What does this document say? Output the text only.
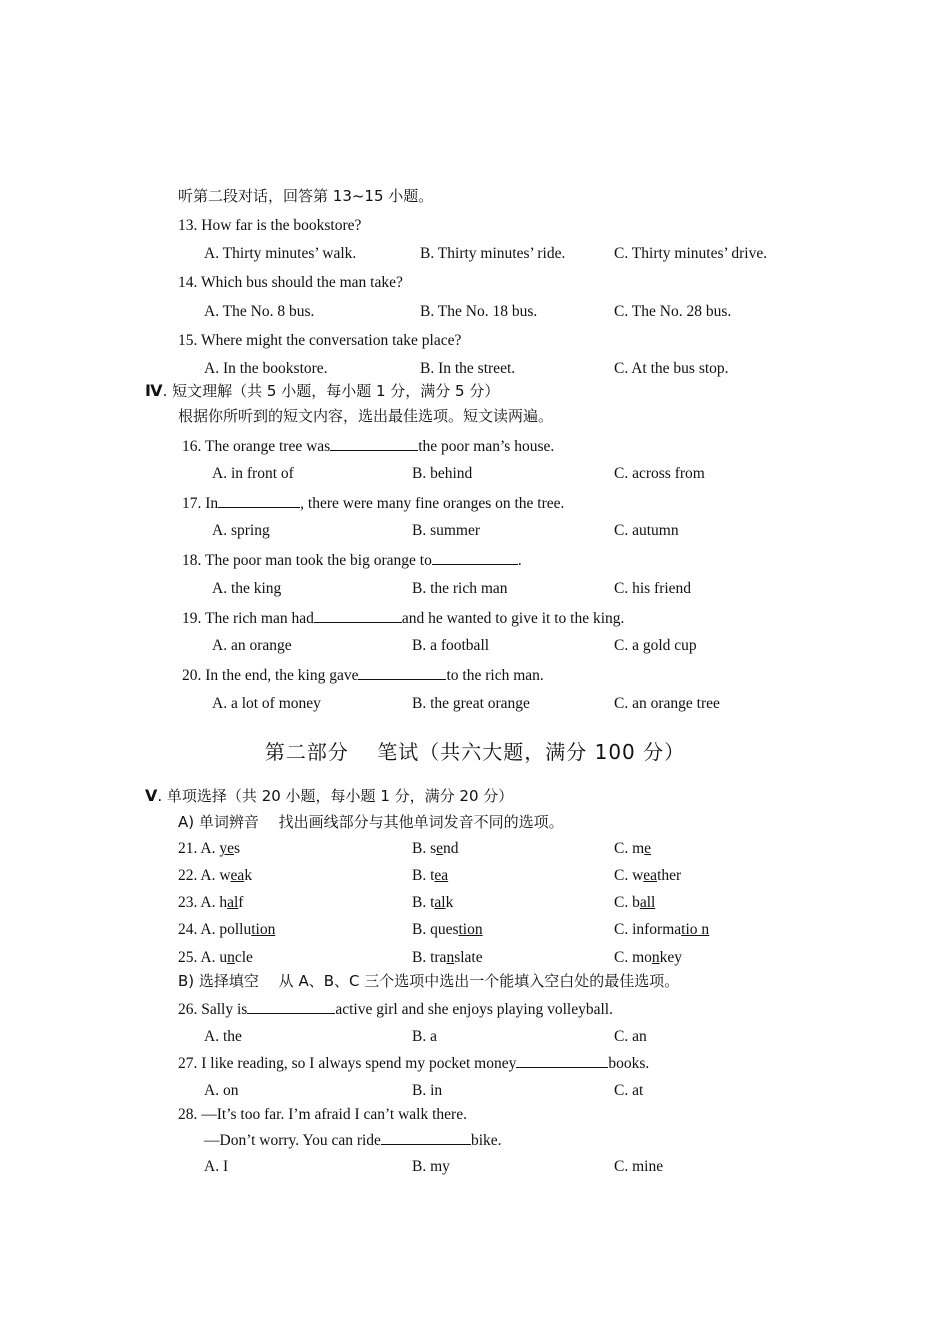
听第二段对话，回答第 13~15 小题。
13. How far is the bookstore?
A. Thirty minutes’ walk.	B. Thirty minutes’ ride.	C. Thirty minutes’ drive.
14. Which bus should the man take?
A. The No. 8 bus.	B. The No. 18 bus.	C. The No. 28 bus.
15. Where might the conversation take place?
A. In the bookstore.	B. In the street.	C. At the bus stop.
Ⅳ. 短文理解（共 5 小题，每小题 1 分，满分 5 分）
根据你所听到的短文内容，选出最佳选项。短文读两遍。
16. The orange tree was	the poor man’s house.
A. in front of	B. behind	C. across from
17. In	, there were many fine oranges on the tree.
A. spring	B. summer	C. autumn
18. The poor man took the big orange to	.
A. the king	B. the rich man	C. his friend
19. The rich man had	and he wanted to give it to the king.
A. an orange	B. a football	C. a gold cup
20. In the end, the king gave	to the rich man.
A. a lot of money	B. the great orange	C. an orange tree
第二部分　 笔试（共六大题，满分 100 分）
Ⅴ. 单项选择（共 20 小题，每小题 1 分，满分 20 分）
A) 单词辨音　 找出画线部分与其他单词发音不同的选项。
21. A. yes	B. send	C. me
22. A. weak	B. tea	C. weather
23. A. half	B. talk	C. ball
24. A. pollution	B. question	C. informatio n
25. A. uncle	B. translate	C. monkey
B) 选择填空　 从 A、B、C 三个选项中选出一个能填入空白处的最佳选项。
26. Sally is	active girl and she enjoys playing volleyball.
A. the	B. a	C. an
27. I like reading, so I always spend my pocket money	books.
A. on	B. in	C. at
28. —It’s too far. I’m afraid I can’t walk there.
—Don’t worry. You can ride	bike.
A. I	B. my	C. mine
